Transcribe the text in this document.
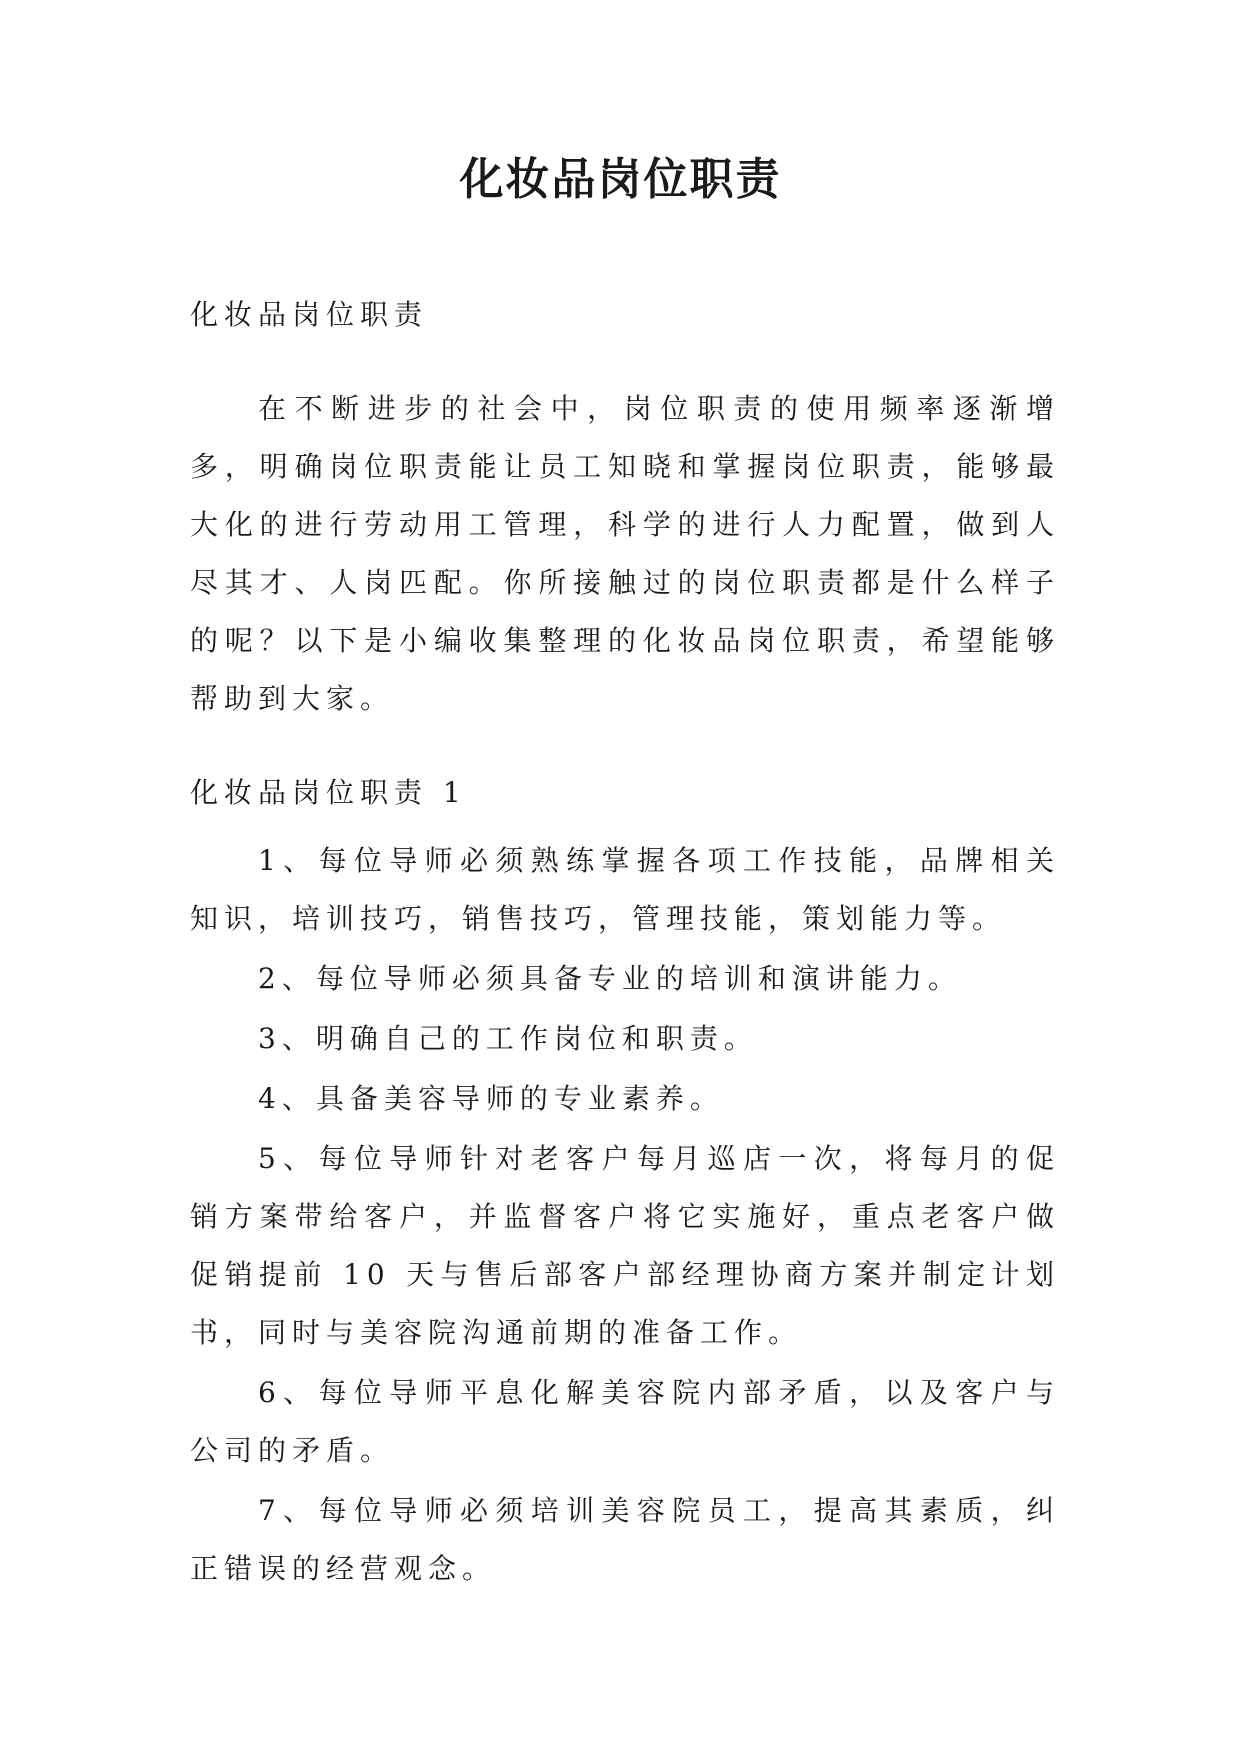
化妆品岗位职责

化妆品岗位职责

在不断进步的社会中，岗位职责的使用频率逐渐增多，明确岗位职责能让员工知晓和掌握岗位职责，能够最大化的进行劳动用工管理，科学的进行人力配置，做到人尽其才、人岗匹配。你所接触过的岗位职责都是什么样子的呢？以下是小编收集整理的化妆品岗位职责，希望能够帮助到大家。

化妆品岗位职责 1

1、每位导师必须熟练掌握各项工作技能，品牌相关知识，培训技巧，销售技巧，管理技能，策划能力等。

2、每位导师必须具备专业的培训和演讲能力。

3、明确自己的工作岗位和职责。

4、具备美容导师的专业素养。

5、每位导师针对老客户每月巡店一次，将每月的促销方案带给客户，并监督客户将它实施好，重点老客户做促销提前 10 天与售后部客户部经理协商方案并制定计划书，同时与美容院沟通前期的准备工作。

6、每位导师平息化解美容院内部矛盾，以及客户与公司的矛盾。

7、每位导师必须培训美容院员工，提高其素质，纠正错误的经营观念。
